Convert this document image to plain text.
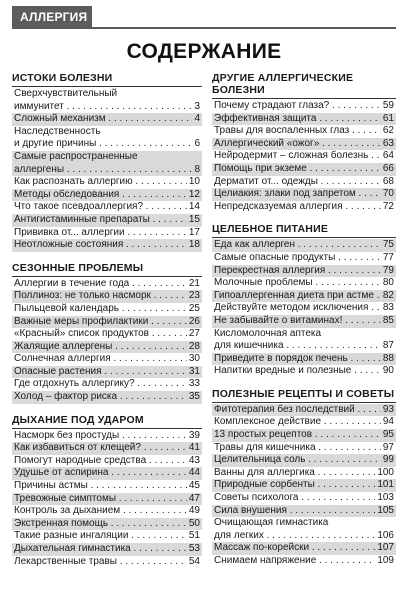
АЛЛЕРГИЯ
СОДЕРЖАНИЕ
ИСТОКИ БОЛЕЗНИ
Сверхчувствительный
иммунитет . . .	3
Сложный механизм . . .	4
Наследственность
и другие причины . . .	6
Самые распространенные
аллергены . . .	8
Как распознать аллергию . . .	10
Методы обследования . . .	12
Что такое псевдоаллергия? . . .	14
Антигистаминные препараты . . .	15
Прививка от... аллергии . . .	17
Неотложные состояния . . .	18
СЕЗОННЫЕ ПРОБЛЕМЫ
Аллергии в течение года . . .	21
Поллиноз: не только насморк . . .	23
Пыльцевой календарь . . .	25
Важные меры профилактики . . .	26
«Красный» список продуктов . . .	27
Жалящие аллергены . . .	28
Солнечная аллергия . . .	30
Опасные растения . . .	31
Где отдохнуть аллергику? . . .	33
Холод – фактор риска . . .	35
ДЫХАНИЕ ПОД УДАРОМ
Насморк без простуды . . .	39
Как избавиться от клещей? . . .	41
Помогут народные средства . . .	43
Удушье от аспирина . . .	44
Причины астмы . . .	45
Тревожные симптомы . . .	47
Контроль за дыханием . . .	49
Экстренная помощь . . .	50
Такие разные ингаляции . . .	51
Дыхательная гимнастика . . .	53
Лекарственные травы . . .	54
ДРУГИЕ АЛЛЕРГИЧЕСКИЕ БОЛЕЗНИ
Почему страдают глаза? . . .	59
Эффективная защита . . .	61
Травы для воспаленных глаз . . .	62
Аллергический «ожог» . . .	63
Нейродермит – сложная болезнь . . .	64
Помощь при экземе . . .	66
Дерматит от... одежды . . .	68
Целиакия: злаки под запретом . . .	70
Непредсказуемая аллергия . . .	72
ЦЕЛЕБНОЕ ПИТАНИЕ
Еда как аллерген . . .	75
Самые опасные продукты . . .	77
Перекрестная аллергия . . .	79
Молочные проблемы . . .	80
Гипоаллергенная диета при астме . . . 82
Действуйте методом исключения . . .	83
Не забывайте о витаминах! . . .	85
Кисломолочная аптека
для кишечника . . .	87
Приведите в порядок печень . . .	88
Напитки вредные и полезные . . .	90
ПОЛЕЗНЫЕ РЕЦЕПТЫ И СОВЕТЫ
Фитотерапия без последствий . . .	93
Комплексное действие . . .	94
13 простых рецептов . . .	95
Травы для кишечника . . .	97
Целительница соль . . .	99
Ванны для аллергика . . .	100
Природные сорбенты . . .	101
Советы психолога . . .	103
Сила внушения . . .	105
Очищающая гимнастика
для легких . . .	106
Массаж по-корейски . . .	107
Снимаем напряжение . . .	109
